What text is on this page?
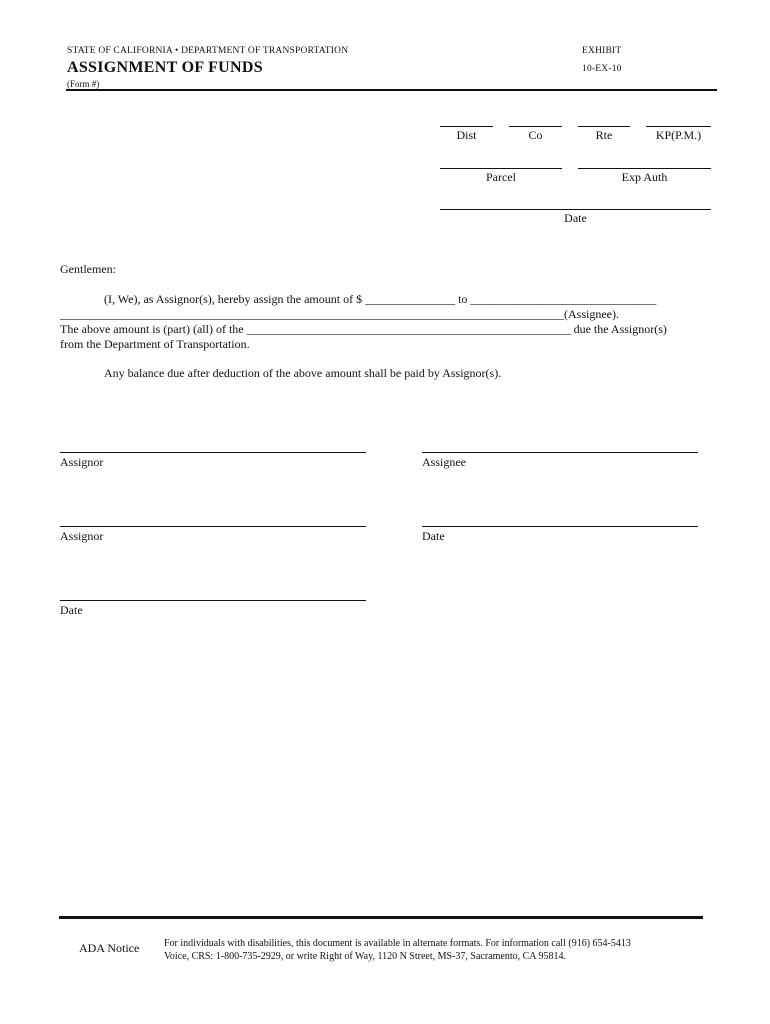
STATE OF CALIFORNIA • DEPARTMENT OF TRANSPORTATION
ASSIGNMENT OF FUNDS
EXHIBIT
10-EX-10
(Form #)
Dist	Co	Rte	KP(P.M.)
Parcel	Exp Auth
Date
Gentlemen:
(I, We), as Assignor(s), hereby assign the amount of $ _______________ to _______________________________
____________________________________________________________________________________(Assignee).
The above amount is (part) (all) of the ______________________________________________________ due the Assignor(s)
from the Department of Transportation.
Any balance due after deduction of the above amount shall be paid by Assignor(s).
Assignor	Assignee
Assignor	Date
Date
ADA Notice For individuals with disabilities, this document is available in alternate formats. For information call (916) 654-5413
Voice, CRS: 1-800-735-2929, or write Right of Way, 1120 N Street, MS-37, Sacramento, CA 95814.
